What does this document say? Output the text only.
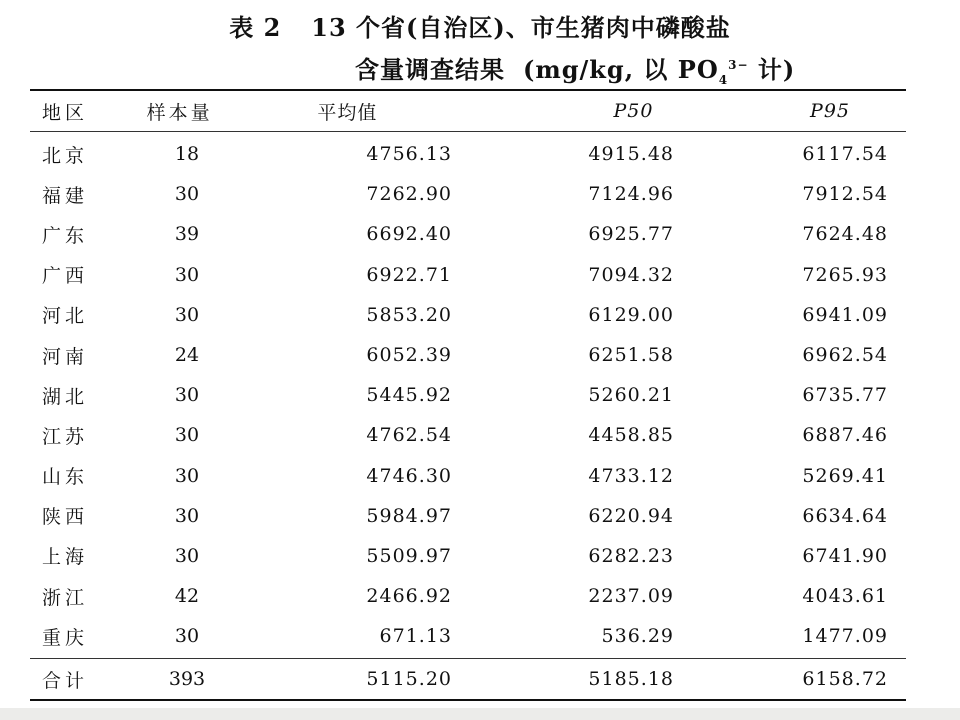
表 2 13 个省(自治区)、市生猪肉中磷酸盐
含量调查结果 (mg/kg, 以 $PO_4^{3-}$ 计)
地区	样本量	平均值	P50	P95
北京	18	4756.13	4915.48	6117.54
福建	30	7262.90	7124.96	7912.54
广东	39	6692.40	6925.77	7624.48
广西	30	6922.71	7094.32	7265.93
河北	30	5853.20	6129.00	6941.09
河南	24	6052.39	6251.58	6962.54
湖北	30	5445.92	5260.21	6735.77
江苏	30	4762.54	4458.85	6887.46
山东	30	4746.30	4733.12	5269.41
陕西	30	5984.97	6220.94	6634.64
上海	30	5509.97	6282.23	6741.90
浙江	42	2466.92	2237.09	4043.61
重庆	30	671.13	536.29	1477.09
合计	393	5115.20	5185.18	6158.72
